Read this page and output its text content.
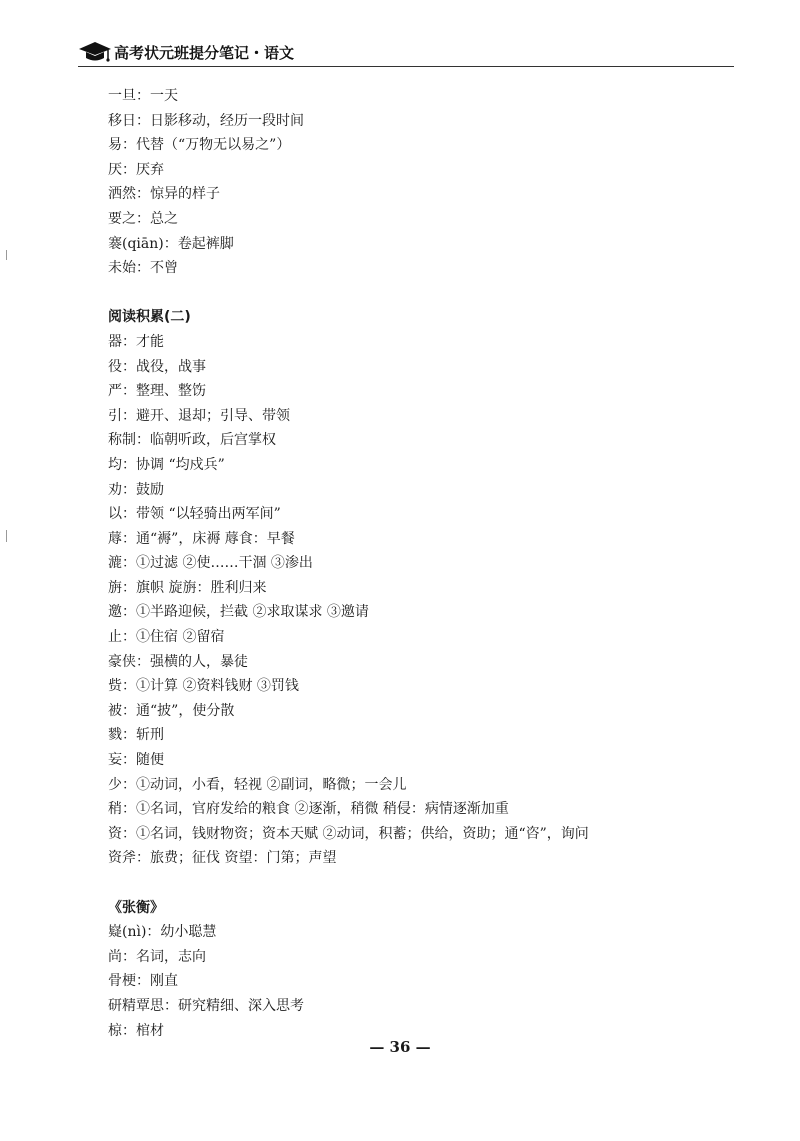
高考状元班提分笔记・语文
一旦：一天
移日：日影移动，经历一段时间
易：代替（“万物无以易之”）
厌：厌弃
洒然：惊异的样子
要之：总之
褰(qiān)：卷起裤脚
未始：不曾
阅读积累(二)
器：才能
役：战役，战事
严：整理、整饬
引：避开、退却；引导、带领
称制：临朝听政，后宫掌权
均：协调 “均戍兵”
劝：鼓励
以：带领 “以轻骑出两军间”
蓐：通“褥”，床褥 蓐食：早餐
漉：①过滤 ②使……干涸 ③渗出
旃：旗帜 旋旃：胜利归来
邀：①半路迎候，拦截 ②求取谋求 ③邀请
止：①住宿 ②留宿
豪侠：强横的人，暴徒
赀：①计算 ②资料钱财 ③罚钱
被：通“披”，使分散
戮：斩刑
妄：随便
少：①动词，小看，轻视 ②副词，略微；一会儿
稍：①名词，官府发给的粮食 ②逐渐，稍微 稍侵：病情逐渐加重
资：①名词，钱财物资；资本天赋 ②动词，积蓄；供给，资助；通“咨”，询问
资斧：旅费；征伐 资望：门第；声望
《张衡》
嶷(nì)：幼小聪慧
尚：名词，志向
骨梗：刚直
研精覃思：研究精细、深入思考
椋：棺材
— 36 —
